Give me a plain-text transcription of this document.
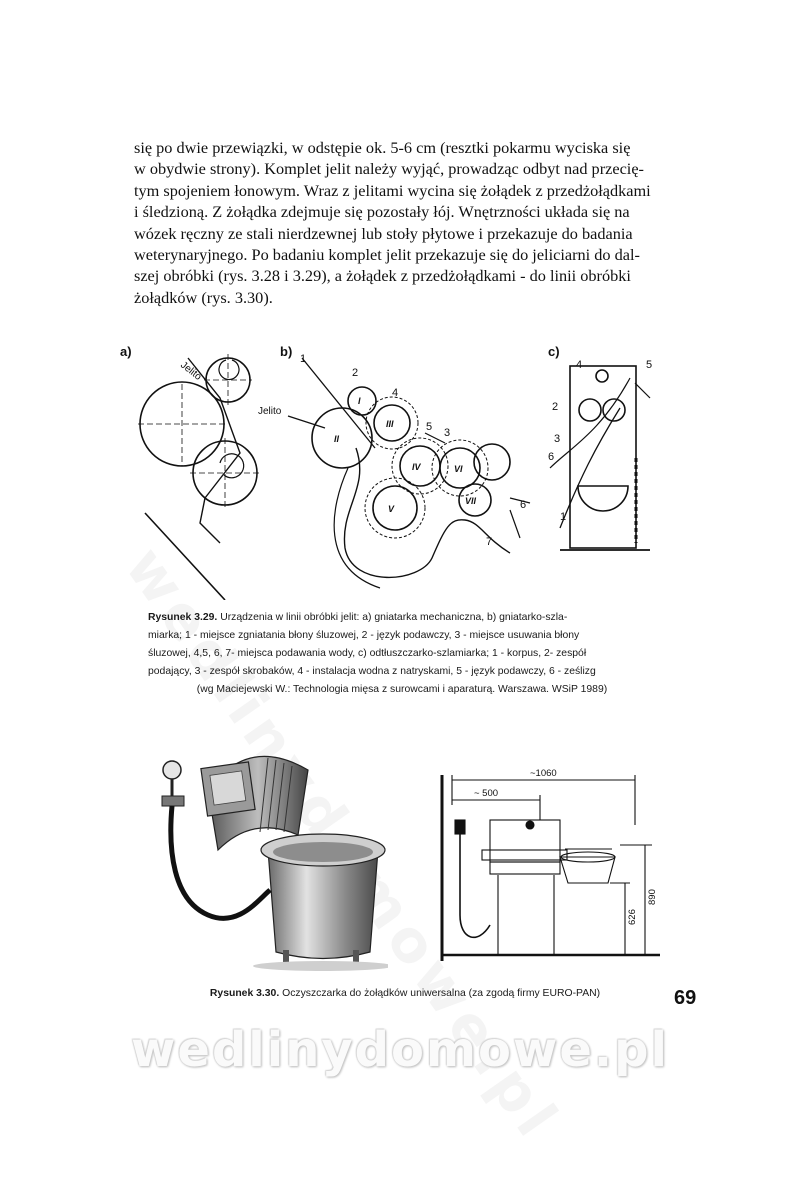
się po dwie przewiązki, w odstępie ok. 5-6 cm (resztki pokarmu wyciska się
w obydwie strony). Komplet jelit należy wyjąć, prowadząc odbyt nad przecię-
tym spojeniem łonowym. Wraz z jelitami wycina się żołądek z przedżołądkami
i śledzioną. Z żołądka zdejmuje się pozostały łój. Wnętrzności układa się na
wózek ręczny ze stali nierdzewnej lub stoły płytowe i przekazuje do badania
weterynaryjnego. Po badaniu komplet jelit przekazuje się do jeliciarni do dal-
szej obróbki (rys. 3.28 i 3.29), a żołądek z przedżołądkami - do linii obróbki
żołądków (rys. 3.30).
a)
Jelito
b)
Jelito
1
2
3
4
5
6
7
I
II
III
IV
V
VI
VII
c)
1
2
3
4	5
6
Rysunek 3.29. Urządzenia w linii obróbki jelit: a) gniatarka mechaniczna, b) gniatarko-szla-
miarka; 1 - miejsce zgniatania błony śluzowej, 2 - język podawczy, 3 - miejsce usuwania błony
śluzowej, 4,5, 6, 7- miejsca podawania wody, c) odtłuszczarko-szlamiarka; 1 - korpus, 2- zespół
podający, 3 - zespół skrobaków, 4 - instalacja wodna z natryskami, 5 - język podawczy, 6 - ześlizg
(wg Maciejewski W.: Technologia mięsa z surowcami i aparaturą. Warszawa. WSiP 1989)
~1060
~ 500
890
626
Rysunek 3.30. Oczyszczarka do żołądków uniwersalna (za zgodą firmy EURO-PAN)	69
wedlinydomowe.pl
